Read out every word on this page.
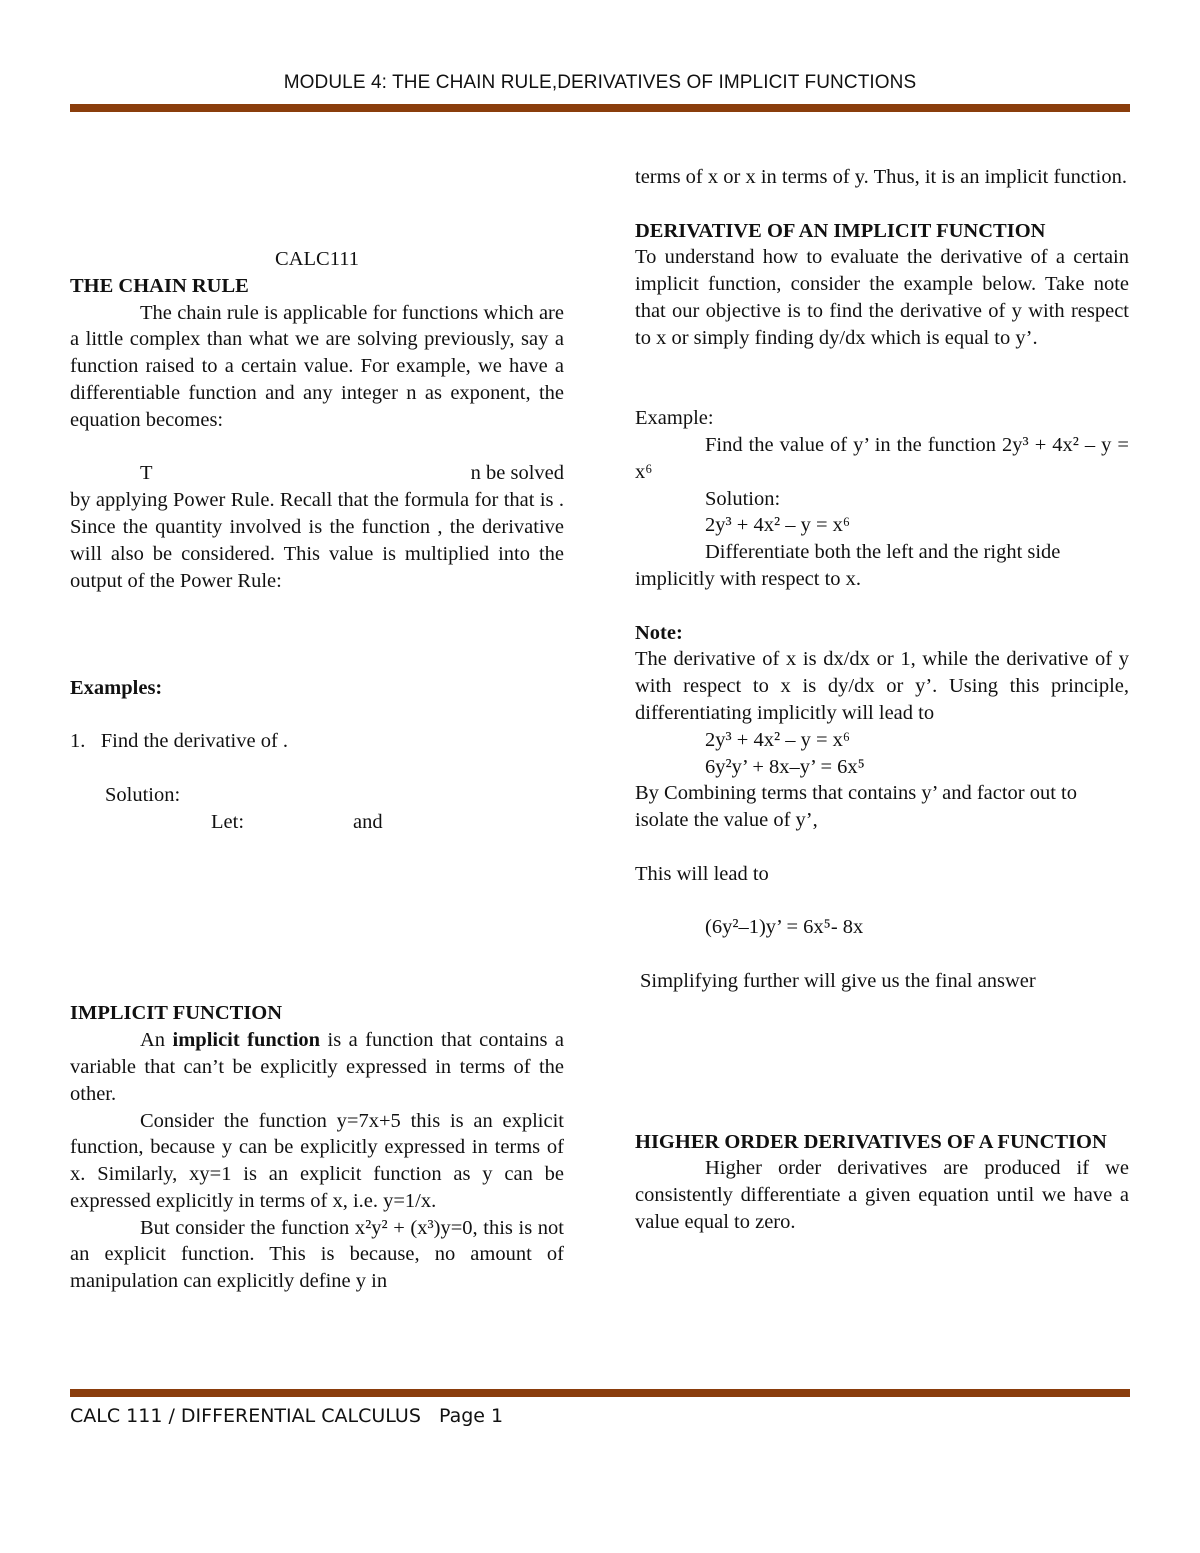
MODULE 4: THE CHAIN RULE,DERIVATIVES OF IMPLICIT FUNCTIONS

CALC111

THE CHAIN RULE

The chain rule is applicable for functions which are a little complex than what we are solving previously, say a function raised to a certain value. For example, we have a differentiable function and any integer n as exponent, the equation becomes:

T	n be solved

by applying Power Rule. Recall that the formula for that is . Since the quantity involved is the function , the derivative will also be considered. This value is multiplied into the output of the Power Rule:

Examples:

1.   Find the derivative of .

Solution:

Let:	and

IMPLICIT FUNCTION

An implicit function is a function that contains a variable that can’t be explicitly expressed in terms of the other.

Consider the function y=7x+5 this is an explicit function, because y can be explicitly expressed in terms of x. Similarly, xy=1 is an explicit function as y can be expressed explicitly in terms of x, i.e. y=1/x.

But consider the function x²y² + (x³)y=0, this is not an explicit function. This is because, no amount of manipulation can explicitly define y in

terms of x or x in terms of y. Thus, it is an implicit function.

DERIVATIVE OF AN IMPLICIT FUNCTION

To understand how to evaluate the derivative of a certain implicit function, consider the example below. Take note that our objective is to find the derivative of y with respect to x or simply finding dy/dx which is equal to y’.

Example:

Find the value of y’ in the function 2y³ + 4x² – y = x⁶

Solution:

2y³ + 4x² – y = x⁶

Differentiate both the left and the right side implicitly with respect to x.

Note:

The derivative of x is dx/dx or 1, while the derivative of y with respect to x is dy/dx or y’. Using this principle, differentiating implicitly will lead to

2y³ + 4x² – y = x⁶

6y²y’ + 8x–y’ = 6x⁵

By Combining terms that contains y’ and factor out to isolate the value of y’,

This will lead to

(6y²–1)y’ = 6x⁵- 8x

Simplifying further will give us the final answer

HIGHER ORDER DERIVATIVES OF A FUNCTION

Higher order derivatives are produced if we consistently differentiate a given equation until we have a value equal to zero.

CALC 111 / DIFFERENTIAL CALCULUS   Page 1
